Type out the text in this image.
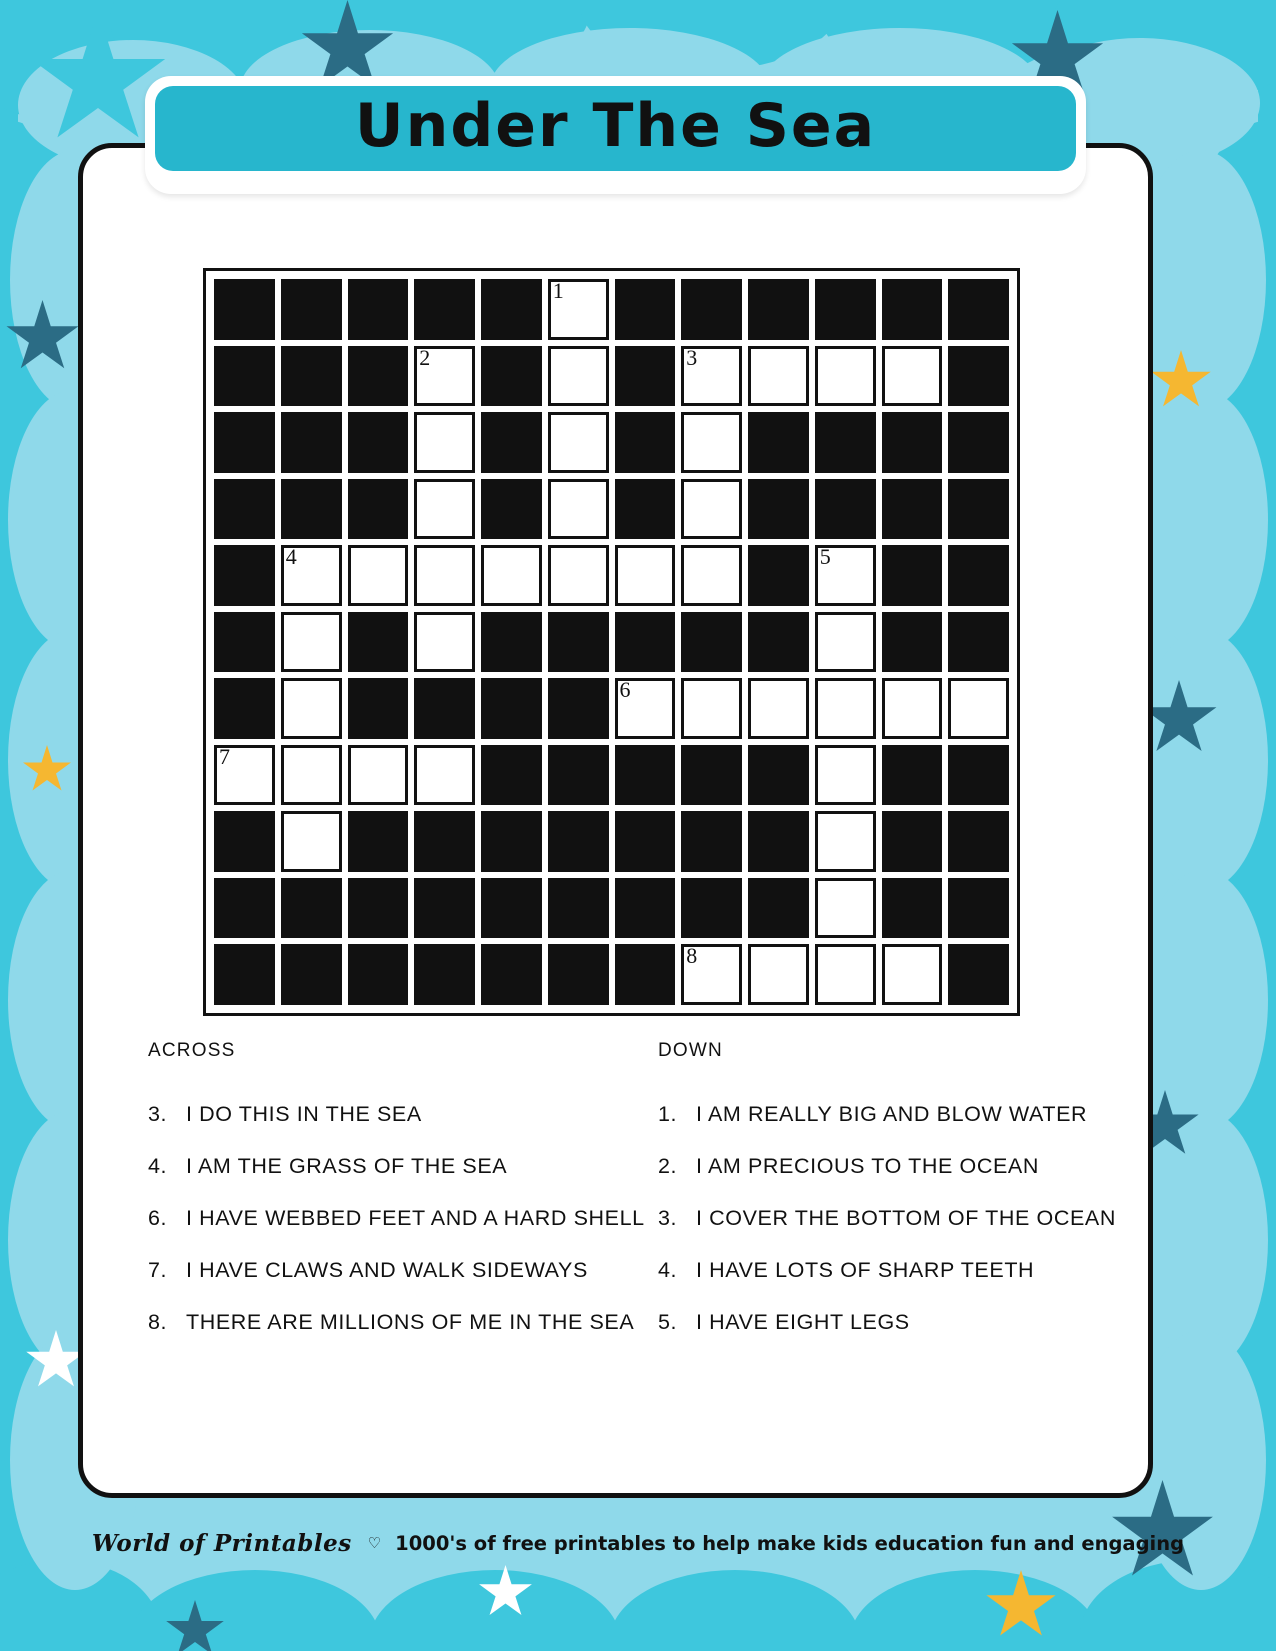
Under The Sea
1
2	3
4	5
6
7
8
ACROSS	DOWN
3. I DO THIS IN THE SEA
4. I AM THE GRASS OF THE SEA
6. I HAVE WEBBED FEET AND A HARD SHELL
7. I HAVE CLAWS AND WALK SIDEWAYS
8. THERE ARE MILLIONS OF ME IN THE SEA
1. I AM REALLY BIG AND BLOW WATER
2. I AM PRECIOUS TO THE OCEAN
3. I COVER THE BOTTOM OF THE OCEAN
4. I HAVE LOTS OF SHARP TEETH
5. I HAVE EIGHT LEGS
World of Printables ♡ 1000's of free printables to help make kids education fun and engaging
